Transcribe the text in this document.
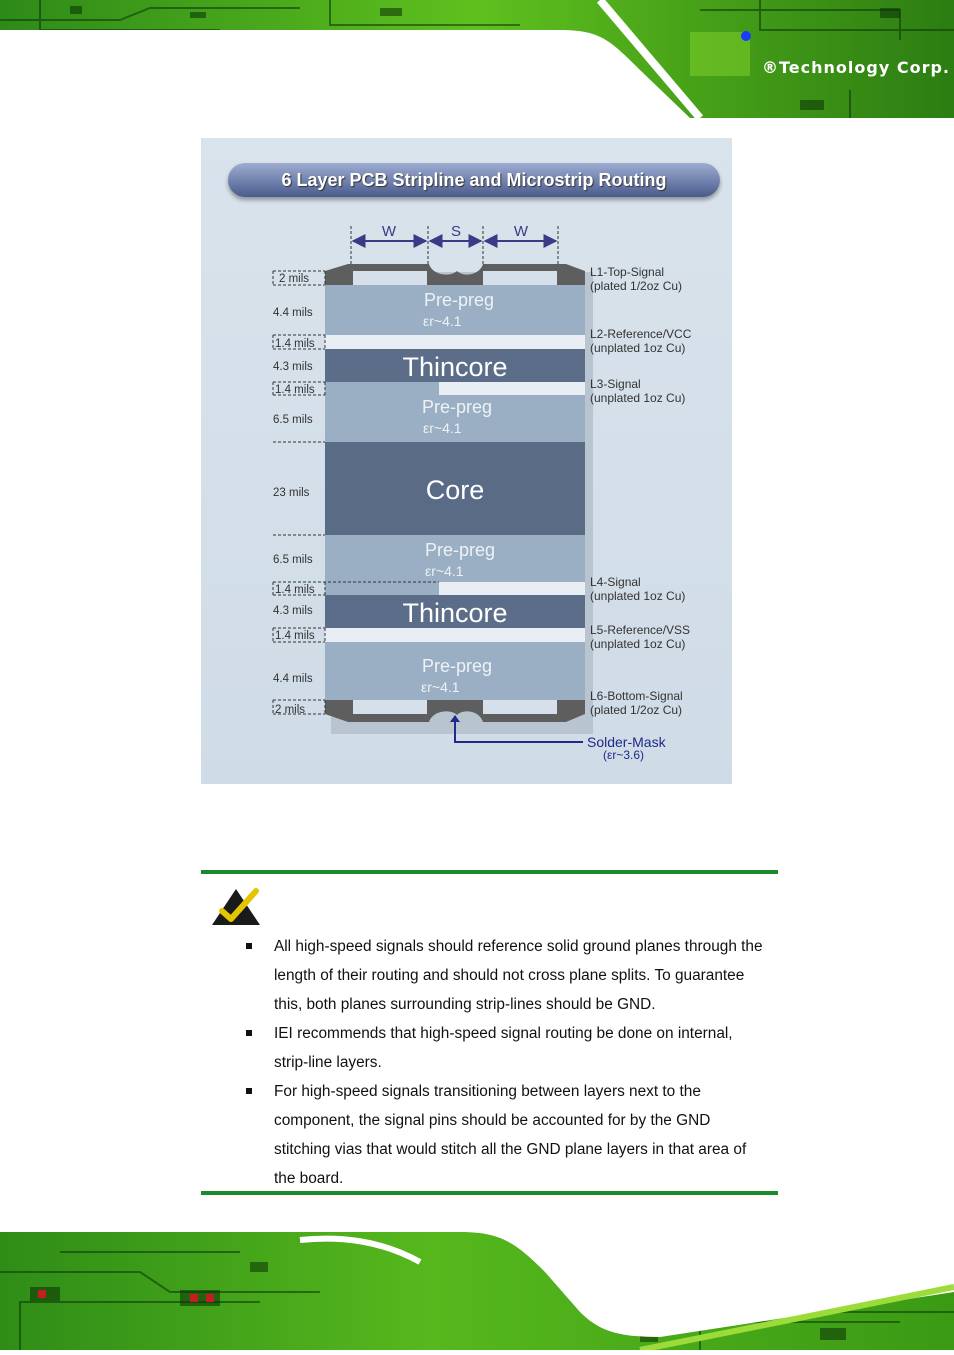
®Technology Corp.
W	S	W
2 mils
4.4 mils
1.4 mils
4.3 mils
1.4 mils
6.5 mils
23 mils
6.5 mils
1.4 mils
4.3 mils
1.4 mils
4.4 mils
2 mils
Pre-preg
εr~4.1
Thincore
Pre-preg
εr~4.1
Core
Pre-preg
εr~4.1
Thincore
Pre-preg
εr~4.1
L1-Top-Signal
(plated 1/2oz Cu)
L2-Reference/VCC
(unplated 1oz Cu)
L3-Signal
(unplated 1oz Cu)
L4-Signal
(unplated 1oz Cu)
L5-Reference/VSS
(unplated 1oz Cu)
L6-Bottom-Signal
(plated 1/2oz Cu)
Solder-Mask
(εr~3.6)
6 Layer PCB Stripline and Microstrip Routing
All high-speed signals should reference solid ground planes through the length of their routing and should not cross plane splits. To guarantee this, both planes surrounding strip-lines should be GND.
IEI recommends that high-speed signal routing be done on internal, strip-line layers.
For high-speed signals transitioning between layers next to the component, the signal pins should be accounted for by the GND stitching vias that would stitch all the GND plane layers in that area of the board.
